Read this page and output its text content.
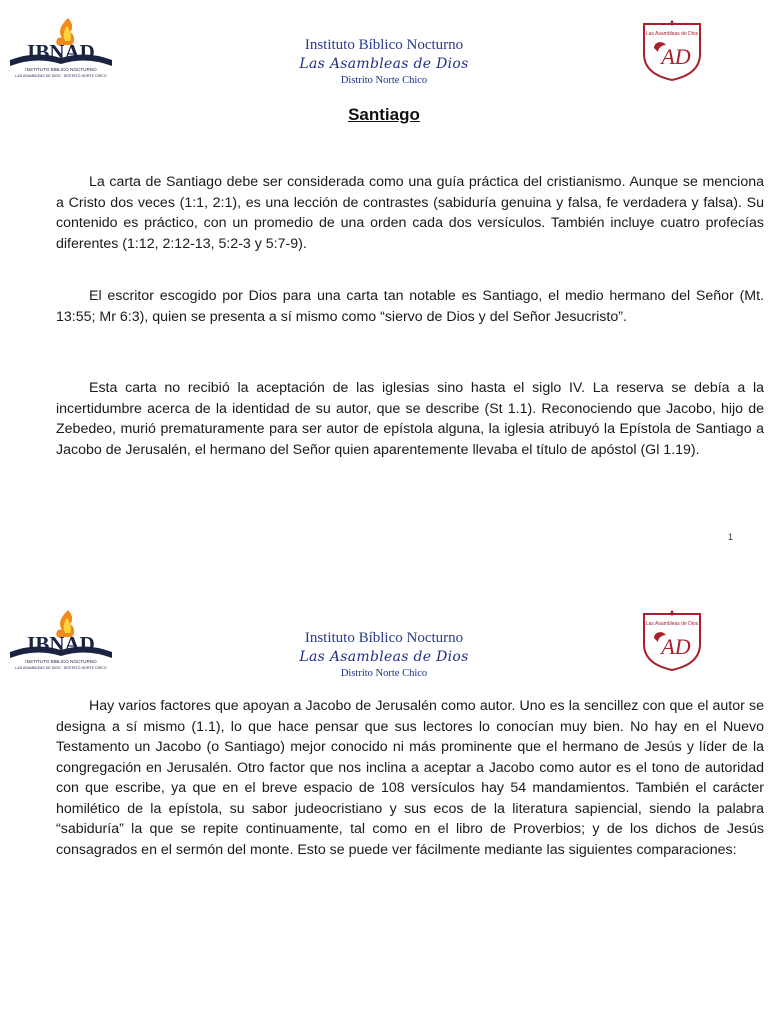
IBNAD
INSTITUTO BÍBLICO NOCTURNO
LAS ASAMBLEAS DE DIOS · DISTRITO NORTE CHICO
Instituto Bíblico Nocturno
Las Asambleas de Dios
Distrito Norte Chico
Las Asambleas de Dios
AD
Santiago

La carta de Santiago debe ser considerada como una guía práctica del cristianismo. Aunque se menciona a Cristo dos veces (1:1, 2:1), es una lección de contrastes (sabiduría genuina y falsa, fe verdadera y falsa). Su contenido es práctico, con un promedio de una orden cada dos versículos. También incluye cuatro profecías diferentes (1:12, 2:12-13, 5:2-3 y 5:7-9).

El escritor escogido por Dios para una carta tan notable es Santiago, el medio hermano del Señor (Mt. 13:55; Mr 6:3), quien se presenta a sí mismo como “siervo de Dios y del Señor Jesucristo”.

Esta carta no recibió la aceptación de las iglesias sino hasta el siglo IV. La reserva se debía a la incertidumbre acerca de la identidad de su autor, que se describe (St 1.1). Reconociendo que Jacobo, hijo de Zebedeo, murió prematuramente para ser autor de epístola alguna, la iglesia atribuyó la Epístola de Santiago a Jacobo de Jerusalén, el hermano del Señor quien aparentemente llevaba el título de apóstol (Gl 1.19).

1
IBNAD
INSTITUTO BÍBLICO NOCTURNO
LAS ASAMBLEAS DE DIOS · DISTRITO NORTE CHICO
Instituto Bíblico Nocturno
Las Asambleas de Dios
Distrito Norte Chico
Las Asambleas de Dios
AD

Hay varios factores que apoyan a Jacobo de Jerusalén como autor. Uno es la sencillez con que el autor se designa a sí mismo (1.1), lo que hace pensar que sus lectores lo conocían muy bien. No hay en el Nuevo Testamento un Jacobo (o Santiago) mejor conocido ni más prominente que el hermano de Jesús y líder de la congregación en Jerusalén. Otro factor que nos inclina a aceptar a Jacobo como autor es el tono de autoridad con que escribe, ya que en el breve espacio de 108 versículos hay 54 mandamientos. También el carácter homilético de la epístola, su sabor judeocristiano y sus ecos de la literatura sapiencial, siendo la palabra “sabiduría” la que se repite continuamente, tal como en el libro de Proverbios; y de los dichos de Jesús consagrados en el sermón del monte. Esto se puede ver fácilmente mediante las siguientes comparaciones:
